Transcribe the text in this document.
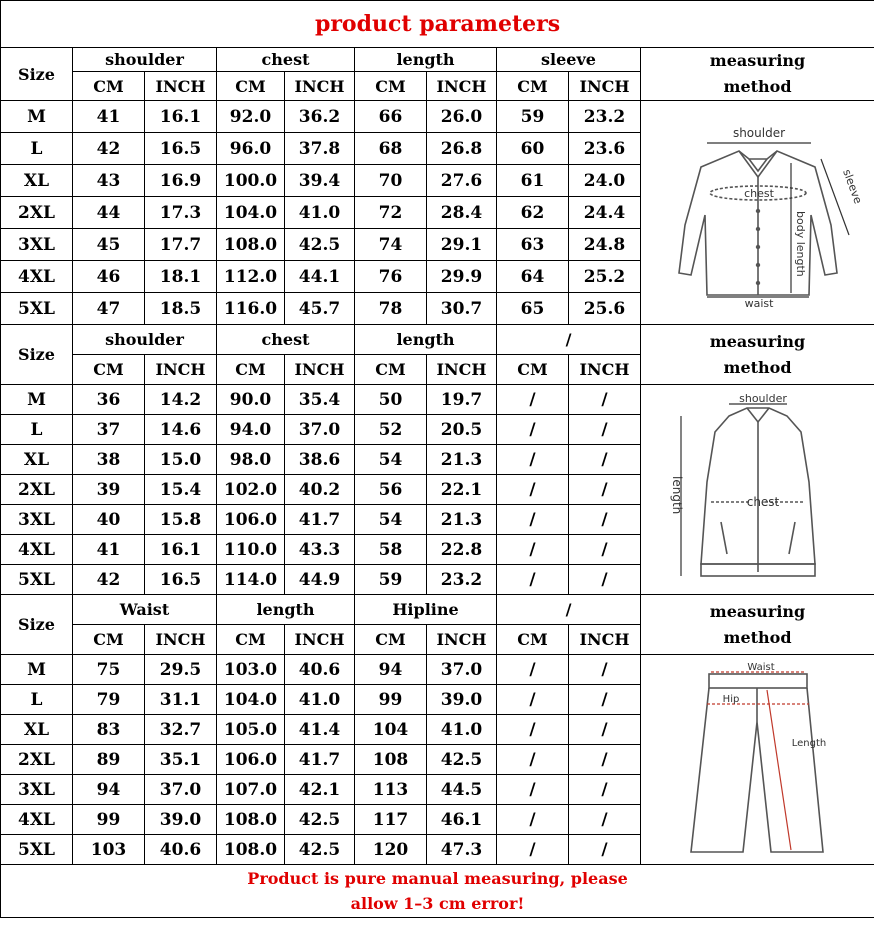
product parameters									
Size	shoulder		chest		length		sleeve		measuring
method

	CM	INCH	CM	INCH	CM	INCH	CM	INCH	
M	41	16.1	92.0	36.2	66	26.0	59	23.2	shoulder
chest
waist
body length
sleeve

L	42	16.5	96.0	37.8	68	26.8	60	23.6	
XL	43	16.9	100.0	39.4	70	27.6	61	24.0	
2XL	44	17.3	104.0	41.0	72	28.4	62	24.4	
3XL	45	17.7	108.0	42.5	74	29.1	63	24.8	
4XL	46	18.1	112.0	44.1	76	29.9	64	25.2	
5XL	47	18.5	116.0	45.7	78	30.7	65	25.6	
Size	shoulder		chest		length		/		measuring
method

	CM	INCH	CM	INCH	CM	INCH	CM	INCH	
M	36	14.2	90.0	35.4	50	19.7	/	/	shoulder
chest
length

L	37	14.6	94.0	37.0	52	20.5	/	/	
XL	38	15.0	98.0	38.6	54	21.3	/	/	
2XL	39	15.4	102.0	40.2	56	22.1	/	/	
3XL	40	15.8	106.0	41.7	54	21.3	/	/	
4XL	41	16.1	110.0	43.3	58	22.8	/	/	
5XL	42	16.5	114.0	44.9	59	23.2	/	/	
Size	Waist		length		Hipline		/		measuring
method

	CM	INCH	CM	INCH	CM	INCH	CM	INCH	
M	75	29.5	103.0	40.6	94	37.0	/	/	Waist
Hip
Length

L	79	31.1	104.0	41.0	99	39.0	/	/	
XL	83	32.7	105.0	41.4	104	41.0	/	/	
2XL	89	35.1	106.0	41.7	108	42.5	/	/	
3XL	94	37.0	107.0	42.1	113	44.5	/	/	
4XL	99	39.0	108.0	42.5	117	46.1	/	/	
5XL	103	40.6	108.0	42.5	120	47.3	/	/	

Product is pure manual measuring, please
allow 1–3 cm error!									
